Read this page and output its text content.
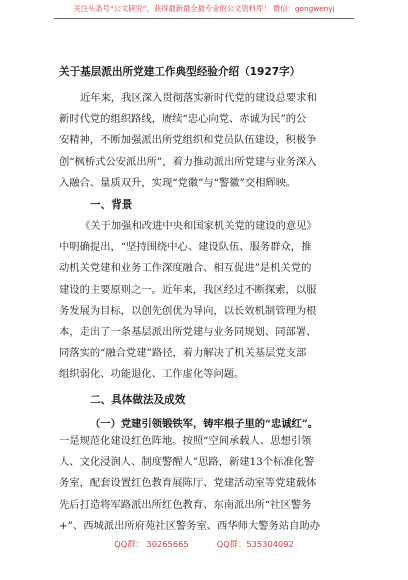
关注头条号“公文研究”，获得最新最全最专业的公文资料库！ 微信：gongwenyj
关于基层派出所党建工作典型经验介绍（1927字）
近年来，我区深入贯彻落实新时代党的建设总要求和
新时代党的组织路线，赓续“忠心向党、赤诚为民”的公
安精神，不断加强派出所党组织和党员队伍建设，积极争
创“枫桥式公安派出所”，着力推动派出所党建与业务深入
入融合、量质双升，实现“党徽”与“警徽”交相辉映。
一、背景
《关于加强和改进中央和国家机关党的建设的意见》
中明确提出，“坚持围绕中心、建设队伍、服务群众，推
动机关党建和业务工作深度融合、相互促进”是机关党的
建设的主要原则之一。近年来，我区经过不断探索，以服
务发展为目标，以创先创优为导向，以长效机制管理为根
本，走出了一条基层派出所党建与业务同规划、同部署、
同落实的“融合党建”路径，着力解决了机关基层党支部
组织弱化、功能退化、工作虚化等问题。
二、具体做法及成效
（一）党建引领锻铁军，铸牢根子里的“忠诚红”。
一是规范化建设红色阵地。按照“空间承载人、思想引领
人、文化浸润人、制度警醒人”思路，新建13个标准化警
务室，配套设置红色教育展陈厅、党建活动室等党建载体
先后打造将军路派出所红色教育、东南派出所“社区警务
+”、西城派出所府苑社区警务室、西华师大警务站自助办
QQ群： 30265665	QQ群：535304092
